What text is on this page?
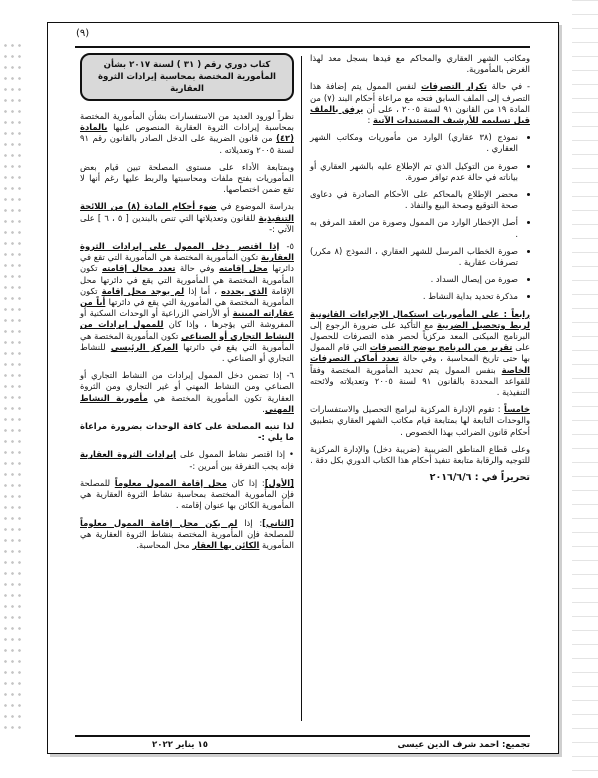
(٩)

ومكاتب الشهر العقاري والمحاكم مع قيدها بسجل معد لهذا الغرض بالمأمورية.

- في حالة تكرار التصرفات لنفس الممول يتم إضافة هذا التصرف إلى الملف السابق فتحه مع مراعاة أحكام البند (٧) من المادة ١٩ من القانون ٩١ لسنة ٢٠٠٥ ، على أن يرفق بالملف قبل تسليمه للأرشيف المستندات الآتية :

• نموذج (٣٨ عقاري) الوارد من مأموريات ومكاتب الشهر العقاري .
• صورة من التوكيل الذي تم الإطلاع عليه بالشهر العقاري أو بياناته في حالة عدم توافر صورة.
• محضر الإطلاع بالمحاكم على الأحكام الصادرة في دعاوى صحة التوقيع وصحة البيع والنفاذ .
• أصل الإخطار الوارد من الممول وصورة من العقد المرفق به .
• صورة الخطاب المرسل للشهر العقاري ، النموذج (٨ مكرر) تصرفات عقارية .
• صورة من إيصال السداد .
• مذكرة تحديد بداية النشاط .

رابعاً : على المأموريات استكمال الإجراءات القانونية لربط وتحصيل الضريبة مع التأكيد على ضرورة الرجوع إلى البرنامج الميكنى المعد مركزياً لحصر هذه التصرفات للحصول على تقرير من البرنامج يوضح التصرفات التي قام الممول بها حتى تاريخ المحاسبة ، وفي حالة تعدد أماكن التصرفات الخاصة بنفس الممول يتم تحديد المأمورية المختصة وفقاً للقواعد المحددة بالقانون ٩١ لسنة ٢٠٠٥ وتعديلاته ولائحته التنفيذية .

خامساً : تقوم الإدارة المركزية لبرامج التحصيل والاستفسارات والوحدات التابعة لها بمتابعة قيام مكاتب الشهر العقاري بتطبيق أحكام قانون الضرائب بهذا الخصوص .

وعلى قطاع المناطق الضريبية (ضريبة دخل) والإدارة المركزية للتوجيه والرقابة متابعة تنفيذ أحكام هذا الكتاب الدوري بكل دقة .

تحريراً في : ٢٠١٦/٦/٦

كتاب دوري رقم ( ٣١ ) لسنة ٢٠١٧ بشأن المأمورية المختصة بمحاسبة إيرادات الثروة العقارية

نظراً لورود العديد من الاستفسارات بشأن المأمورية المختصة بمحاسبة إيرادات الثروة العقارية المنصوص عليها بالمادة (٤٢) من قانون الضريبة على الدخل الصادر بالقانون رقم ٩١ لسنة ٢٠٠٥ وتعديلاته .

وبمتابعة الأداء على مستوى المصلحة تبين قيام بعض المأموريات بفتح ملفات ومحاسبتها والربط عليها رغم أنها لا تقع ضمن اختصاصها.

بدراسة الموضوع في ضوء أحكام المادة (٨) من اللائحة التنفيذية للقانون وتعديلاتها التي تنص بالبندين [ ٥ ، ٦ ] على الآتي :-

٥- إذا اقتصر دخل الممول على إيرادات الثروة العقارية تكون المأمورية المختصة هي المأمورية التي تقع في دائرتها محل إقامته وفي حالة تعدد محال إقامته تكون المأمورية المختصة هي المأمورية التي يقع في دائرتها محل الإقامة الذي يحدده ، أما إذا لم يوجد محل إقامة تكون المأمورية المختصة هي المأمورية التي يقع في دائرتها أياً من عقاراته المبنية أو الأراضي الزراعية أو الوحدات السكنية أو المفروشة التي يؤجرها ، وإذا كان للممول إيرادات من النشاط التجاري أو الصناعي تكون المأمورية المختصة هي المأمورية التي يقع في دائرتها المركز الرئيسي للنشاط التجاري أو الصناعي .

٦- إذا تضمن دخل الممول إيرادات من النشاط التجاري أو الصناعي ومن النشاط المهني أو غير التجاري ومن الثروة العقارية تكون المأمورية المختصة هي مأمورية النشاط المهني.

لذا تنبه المصلحة على كافة الوحدات بضرورة مراعاة ما يلي :-

• إذا اقتصر نشاط الممول على إيرادات الثروة العقارية فإنه يجب التفرقة بين أمرين :-

[الأول]: إذا كان محل إقامة الممول معلوماً للمصلحة فإن المأمورية المختصة بمحاسبة نشاط الثروة العقارية هي المأمورية الكائن بها عنوان إقامته .

[الثاني]: إذا لم يكن محل إقامة الممول معلوماً للمصلحة فإن المأمورية المختصة بنشاط الثروة العقارية هي المأمورية الكائن بها العقار محل المحاسبة.

تجميع: احمد شرف الدين عيسى
١٥ يناير ٢٠٢٢
